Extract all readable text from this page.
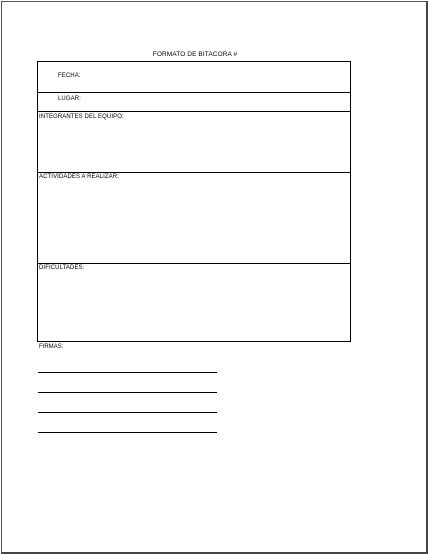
FORMATO DE BITACORA #
FECHA:
LUGAR:
INTEGRANTES DEL EQUIPO:
ACTIVIDADES A REALIZAR:
DIFICULTADES:
FIRMAS:
